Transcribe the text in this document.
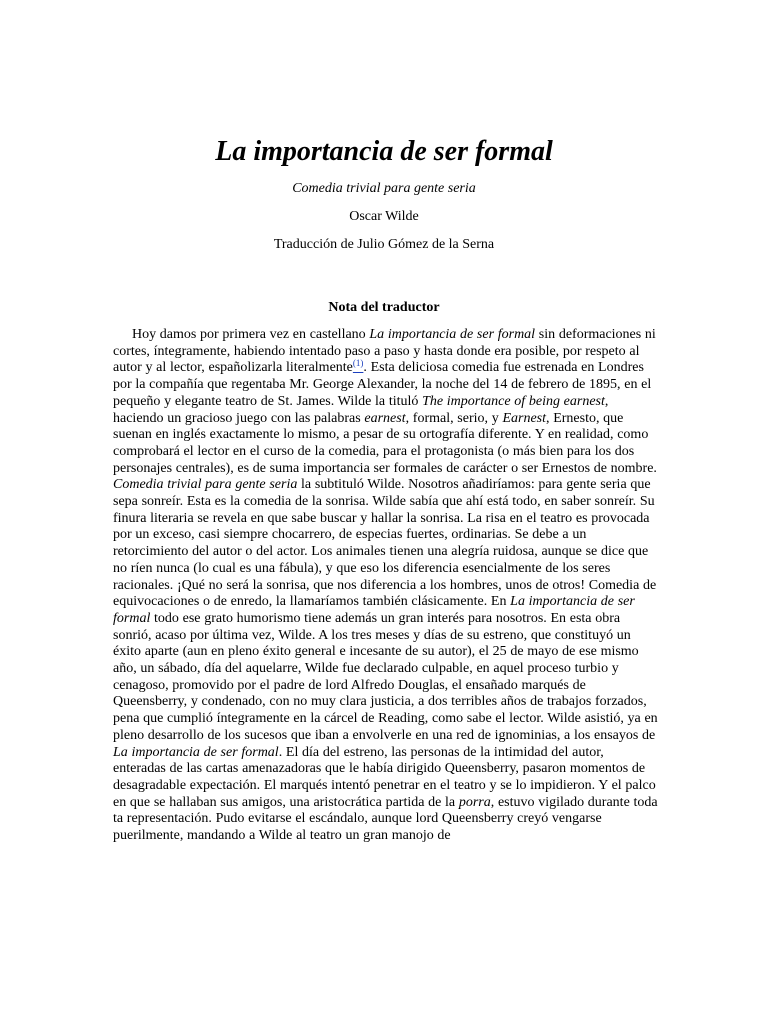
La importancia de ser formal

Comedia trivial para gente seria

Oscar Wilde

Traducción de Julio Gómez de la Serna

Nota del traductor

Hoy damos por primera vez en castellano La importancia de ser formal sin deformaciones ni cortes, íntegramente, habiendo intentado paso a paso y hasta donde era posible, por respeto al autor y al lector, españolizarla literalmente$^{(1)}$. Esta deliciosa comedia fue estrenada en Londres por la compañía que regentaba Mr. George Alexander, la noche del 14 de febrero de 1895, en el pequeño y elegante teatro de St. James. Wilde la tituló The importance of being earnest, haciendo un gracioso juego con las palabras earnest, formal, serio, y Earnest, Ernesto, que suenan en inglés exactamente lo mismo, a pesar de su ortografía diferente. Y en realidad, como comprobará el lector en el curso de la comedia, para el protagonista (o más bien para los dos personajes centrales), es de suma importancia ser formales de carácter o ser Ernestos de nombre. Comedia trivial para gente seria la subtituló Wilde. Nosotros añadiríamos: para gente seria que sepa sonreír. Esta es la comedia de la sonrisa. Wilde sabía que ahí está todo, en saber sonreír. Su finura literaria se revela en que sabe buscar y hallar la sonrisa. La risa en el teatro es provocada por un exceso, casi siempre chocarrero, de especias fuertes, ordinarias. Se debe a un retorcimiento del autor o del actor. Los animales tienen una alegría ruidosa, aunque se dice que no ríen nunca (lo cual es una fábula), y que eso los diferencia esencialmente de los seres racionales. ¡Qué no será la sonrisa, que nos diferencia a los hombres, unos de otros! Comedia de equivocaciones o de enredo, la llamaríamos también clásicamente. En La importancia de ser formal todo ese grato humorismo tiene además un gran interés para nosotros. En esta obra sonrió, acaso por última vez, Wilde. A los tres meses y días de su estreno, que constituyó un éxito aparte (aun en pleno éxito general e incesante de su autor), el 25 de mayo de ese mismo año, un sábado, día del aquelarre, Wilde fue declarado culpable, en aquel proceso turbio y cenagoso, promovido por el padre de lord Alfredo Douglas, el ensañado marqués de Queensberry, y condenado, con no muy clara justicia, a dos terribles años de trabajos forzados, pena que cumplió íntegramente en la cárcel de Reading, como sabe el lector. Wilde asistió, ya en pleno desarrollo de los sucesos que iban a envolverle en una red de ignominias, a los ensayos de La importancia de ser formal. El día del estreno, las personas de la intimidad del autor, enteradas de las cartas amenazadoras que le había dirigido Queensberry, pasaron momentos de desagradable expectación. El marqués intentó penetrar en el teatro y se lo impidieron. Y el palco en que se hallaban sus amigos, una aristocrática partida de la porra, estuvo vigilado durante toda ta representación. Pudo evitarse el escándalo, aunque lord Queensberry creyó vengarse puerilmente, mandando a Wilde al teatro un gran manojo de
